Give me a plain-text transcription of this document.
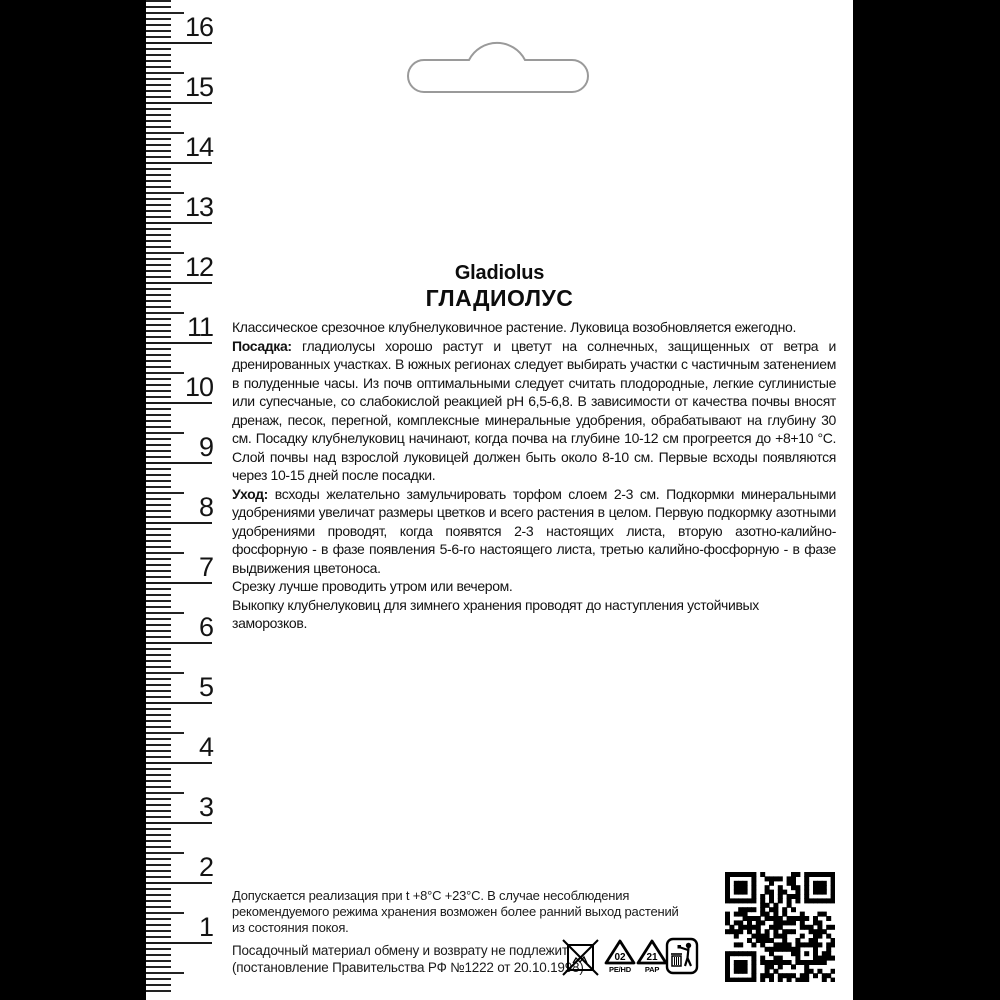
16
15
14
13
12
11
10
9
8
7
6
5
4
3
2
1
Gladiolus
ГЛАДИОЛУС

Классическое срезочное клубнелуковичное растение. Луковица возобновляется ежегодно.

Посадка: гладиолусы хорошо растут и цветут на солнечных, защищенных от ветра и дренированных участках. В южных регионах следует выбирать участки с частичным затенением в полуденные часы. Из почв оптимальными следует считать плодородные, легкие суглинистые или супесчаные, со слабокислой реакцией pH 6,5-6,8. В зависимости от качества почвы вносят дренаж, песок, перегной, комплексные минеральные удобрения, обрабатывают на глубину 30 см. Посадку клубнелуковиц начинают, когда почва на глубине 10-12 см прогреется до +8+10 °С. Слой почвы над взрослой луковицей должен быть около 8-10 см. Первые всходы появляются через 10-15 дней после посадки.

Уход: всходы желательно замульчировать торфом слоем 2-3 см. Подкормки минеральными удобрениями увеличат размеры цветков и всего растения в целом. Первую подкормку азотными удобрениями проводят, когда появятся 2-3 настоящих листа, вторую азотно-калийно-фосфорную - в фазе появления 5-6-го настоящего листа, третью калийно-фосфорную - в фазе выдвижения цветоноса.

Срезку лучше проводить утром или вечером.

Выкопку клубнелуковиц для зимнего хранения проводят до наступления устойчивых заморозков.

Допускается реализация при t +8°С +23°С. В случае несоблюдения рекомендуемого режима хранения возможен более ранний выход растений из состояния покоя.
Посадочный материал обмену и возврату не подлежит
(постановление Правительства РФ №1222 от 20.10.1998)
02
PE/HD
21
PAP
